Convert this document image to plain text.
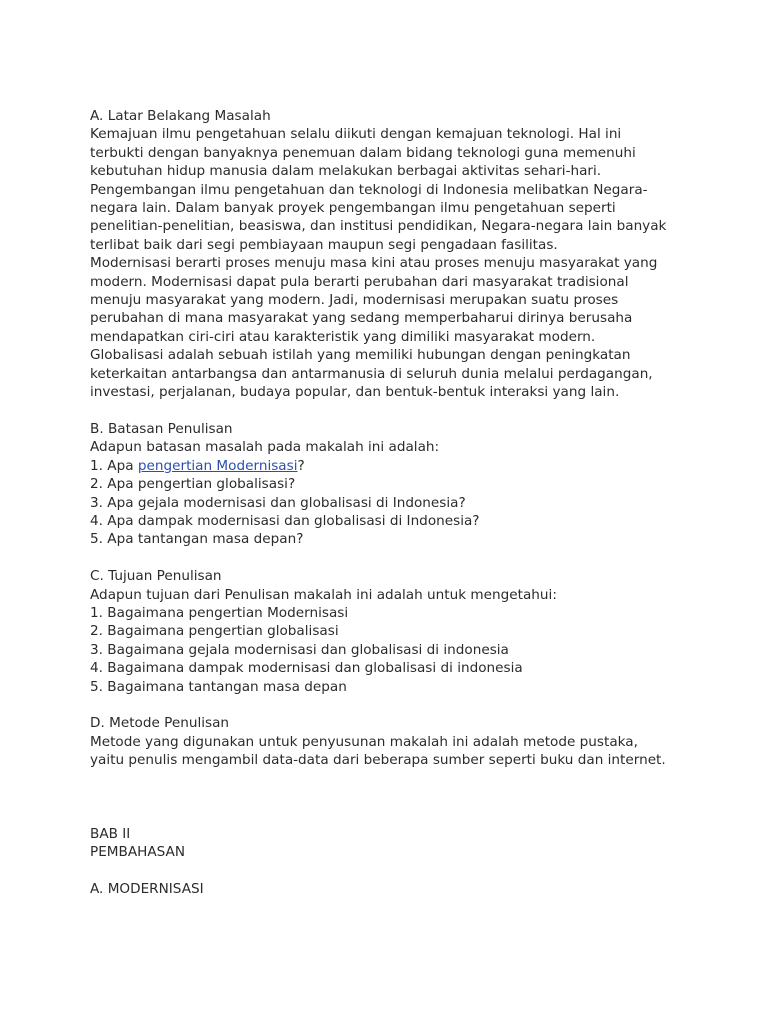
A. Latar Belakang Masalah

Kemajuan ilmu pengetahuan selalu diikuti dengan kemajuan teknologi. Hal ini

terbukti dengan banyaknya penemuan dalam bidang teknologi guna memenuhi

kebutuhan hidup manusia dalam melakukan berbagai aktivitas sehari-hari.

Pengembangan ilmu pengetahuan dan teknologi di Indonesia melibatkan Negara-

negara lain. Dalam banyak proyek pengembangan ilmu pengetahuan seperti

penelitian-penelitian, beasiswa, dan institusi pendidikan, Negara-negara lain banyak

terlibat baik dari segi pembiayaan maupun segi pengadaan fasilitas.

Modernisasi berarti proses menuju masa kini atau proses menuju masyarakat yang

modern. Modernisasi dapat pula berarti perubahan dari masyarakat tradisional

menuju masyarakat yang modern. Jadi, modernisasi merupakan suatu proses

perubahan di mana masyarakat yang sedang memperbaharui dirinya berusaha

mendapatkan ciri-ciri atau karakteristik yang dimiliki masyarakat modern.

Globalisasi adalah sebuah istilah yang memiliki hubungan dengan peningkatan

keterkaitan antarbangsa dan antarmanusia di seluruh dunia melalui perdagangan,

investasi, perjalanan, budaya popular, dan bentuk-bentuk interaksi yang lain.

B. Batasan Penulisan

Adapun batasan masalah pada makalah ini adalah:

1. Apa pengertian Modernisasi?

2. Apa pengertian globalisasi?

3. Apa gejala modernisasi dan globalisasi di Indonesia?

4. Apa dampak modernisasi dan globalisasi di Indonesia?

5. Apa tantangan masa depan?

C. Tujuan Penulisan

Adapun tujuan dari Penulisan makalah ini adalah untuk mengetahui:

1. Bagaimana pengertian Modernisasi

2. Bagaimana pengertian globalisasi

3. Bagaimana gejala modernisasi dan globalisasi di indonesia

4. Bagaimana dampak modernisasi dan globalisasi di indonesia

5. Bagaimana tantangan masa depan

D. Metode Penulisan

Metode yang digunakan untuk penyusunan makalah ini adalah metode pustaka,

yaitu penulis mengambil data-data dari beberapa sumber seperti buku dan internet.

BAB II

PEMBAHASAN

A. MODERNISASI
